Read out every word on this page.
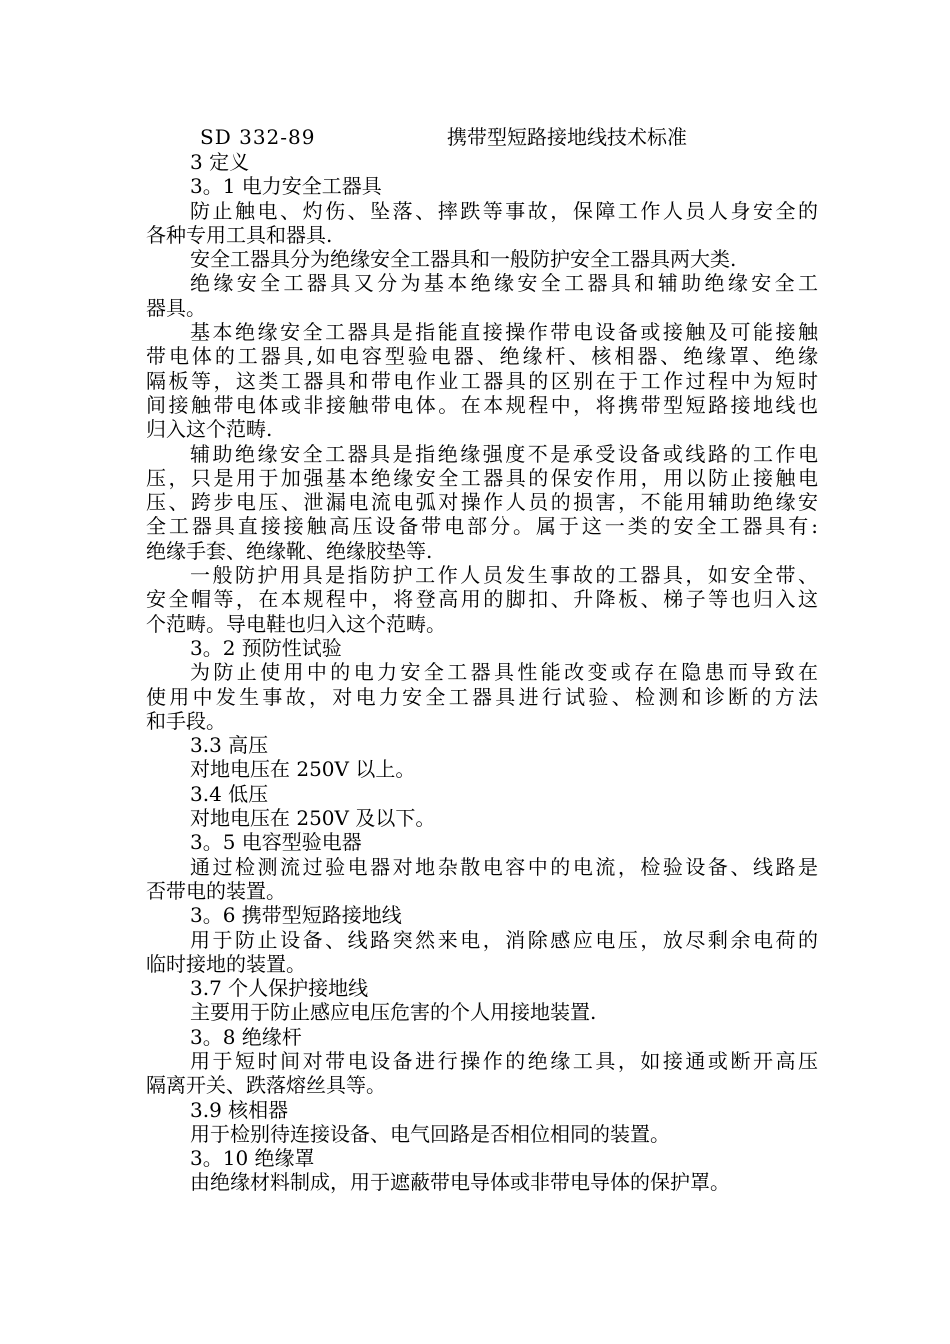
SD 332-89	携带型短路接地线技术标准
3 定义
3。1 电力安全工器具
防止触电、灼伤、坠落、摔跌等事故，保障工作人员人身安全的
各种专用工具和器具.
安全工器具分为绝缘安全工器具和一般防护安全工器具两大类.
绝缘安全工器具又分为基本绝缘安全工器具和辅助绝缘安全工
器具。
基本绝缘安全工器具是指能直接操作带电设备或接触及可能接触
带电体的工器具,如电容型验电器、绝缘杆、核相器、绝缘罩、绝缘
隔板等，这类工器具和带电作业工器具的区别在于工作过程中为短时
间接触带电体或非接触带电体。在本规程中，将携带型短路接地线也
归入这个范畴.
辅助绝缘安全工器具是指绝缘强度不是承受设备或线路的工作电
压，只是用于加强基本绝缘安全工器具的保安作用，用以防止接触电
压、跨步电压、泄漏电流电弧对操作人员的损害，不能用辅助绝缘安
全工器具直接接触高压设备带电部分。属于这一类的安全工器具有:
绝缘手套、绝缘靴、绝缘胶垫等.
一般防护用具是指防护工作人员发生事故的工器具，如安全带、
安全帽等，在本规程中，将登高用的脚扣、升降板、梯子等也归入这
个范畴。导电鞋也归入这个范畴。
3。2 预防性试验
为防止使用中的电力安全工器具性能改变或存在隐患而导致在
使用中发生事故，对电力安全工器具进行试验、检测和诊断的方法
和手段。
3.3 高压
对地电压在 250V 以上。
3.4 低压
对地电压在 250V 及以下。
3。5 电容型验电器
通过检测流过验电器对地杂散电容中的电流，检验设备、线路是
否带电的装置。
3。6 携带型短路接地线
用于防止设备、线路突然来电，消除感应电压，放尽剩余电荷的
临时接地的装置。
3.7 个人保护接地线
主要用于防止感应电压危害的个人用接地装置.
3。8 绝缘杆
用于短时间对带电设备进行操作的绝缘工具，如接通或断开高压
隔离开关、跌落熔丝具等。
3.9 核相器
用于检别待连接设备、电气回路是否相位相同的装置。
3。10 绝缘罩
由绝缘材料制成，用于遮蔽带电导体或非带电导体的保护罩。
